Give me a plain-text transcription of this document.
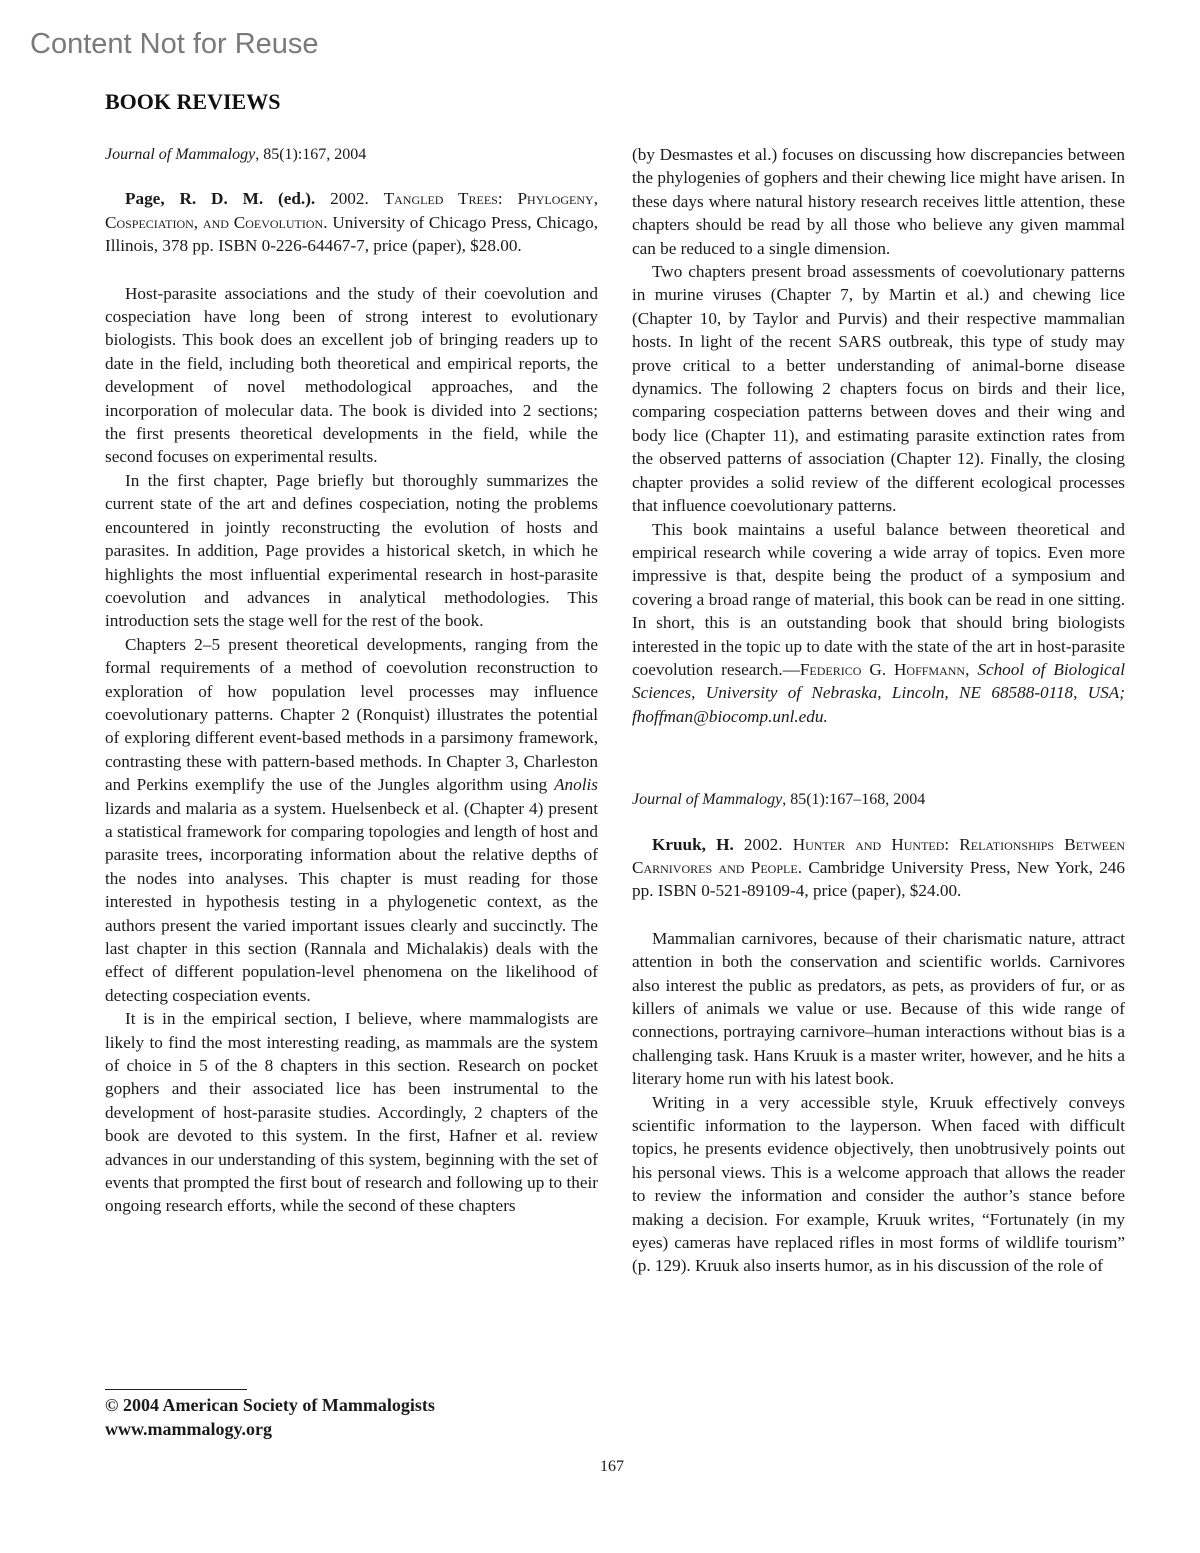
Content Not for Reuse
BOOK REVIEWS

Journal of Mammalogy, 85(1):167, 2004

Page, R. D. M. (ed.). 2002. Tangled Trees: Phylogeny, Cospeciation, and Coevolution. University of Chicago Press, Chicago, Illinois, 378 pp. ISBN 0-226-64467-7, price (paper), $28.00.

Host-parasite associations and the study of their coevolution and cospeciation have long been of strong interest to evolutionary biologists. This book does an excellent job of bringing readers up to date in the field, including both theoretical and empirical reports, the development of novel methodological approaches, and the incorporation of molecular data. The book is divided into 2 sections; the first presents theoretical developments in the field, while the second focuses on experimental results.

In the first chapter, Page briefly but thoroughly summarizes the current state of the art and defines cospeciation, noting the problems encountered in jointly reconstructing the evolution of hosts and parasites. In addition, Page provides a historical sketch, in which he highlights the most influential experimental research in host-parasite coevolution and advances in analytical methodologies. This introduction sets the stage well for the rest of the book.

Chapters 2–5 present theoretical developments, ranging from the formal requirements of a method of coevolution reconstruction to exploration of how population level processes may influence coevolutionary patterns. Chapter 2 (Ronquist) illustrates the potential of exploring different event-based methods in a parsimony framework, contrasting these with pattern-based methods. In Chapter 3, Charleston and Perkins exemplify the use of the Jungles algorithm using Anolis lizards and malaria as a system. Huelsenbeck et al. (Chapter 4) present a statistical framework for comparing topologies and length of host and parasite trees, incorporating information about the relative depths of the nodes into analyses. This chapter is must reading for those interested in hypothesis testing in a phylogenetic context, as the authors present the varied important issues clearly and succinctly. The last chapter in this section (Rannala and Michalakis) deals with the effect of different population-level phenomena on the likelihood of detecting cospeciation events.

It is in the empirical section, I believe, where mammalogists are likely to find the most interesting reading, as mammals are the system of choice in 5 of the 8 chapters in this section. Research on pocket gophers and their associated lice has been instrumental to the development of host-parasite studies. Accordingly, 2 chapters of the book are devoted to this system. In the first, Hafner et al. review advances in our understanding of this system, beginning with the set of events that prompted the first bout of research and following up to their ongoing research efforts, while the second of these chapters

(by Desmastes et al.) focuses on discussing how discrepancies between the phylogenies of gophers and their chewing lice might have arisen. In these days where natural history research receives little attention, these chapters should be read by all those who believe any given mammal can be reduced to a single dimension.

Two chapters present broad assessments of coevolutionary patterns in murine viruses (Chapter 7, by Martin et al.) and chewing lice (Chapter 10, by Taylor and Purvis) and their respective mammalian hosts. In light of the recent SARS outbreak, this type of study may prove critical to a better understanding of animal-borne disease dynamics. The following 2 chapters focus on birds and their lice, comparing cospeciation patterns between doves and their wing and body lice (Chapter 11), and estimating parasite extinction rates from the observed patterns of association (Chapter 12). Finally, the closing chapter provides a solid review of the different ecological processes that influence coevolutionary patterns.

This book maintains a useful balance between theoretical and empirical research while covering a wide array of topics. Even more impressive is that, despite being the product of a symposium and covering a broad range of material, this book can be read in one sitting. In short, this is an outstanding book that should bring biologists interested in the topic up to date with the state of the art in host-parasite coevolution research.—Federico G. Hoffmann, School of Biological Sciences, University of Nebraska, Lincoln, NE 68588-0118, USA; fhoffman@biocomp.unl.edu.

Journal of Mammalogy, 85(1):167–168, 2004

Kruuk, H. 2002. Hunter and Hunted: Relationships Between Carnivores and People. Cambridge University Press, New York, 246 pp. ISBN 0-521-89109-4, price (paper), $24.00.

Mammalian carnivores, because of their charismatic nature, attract attention in both the conservation and scientific worlds. Carnivores also interest the public as predators, as pets, as providers of fur, or as killers of animals we value or use. Because of this wide range of connections, portraying carnivore–human interactions without bias is a challenging task. Hans Kruuk is a master writer, however, and he hits a literary home run with his latest book.

Writing in a very accessible style, Kruuk effectively conveys scientific information to the layperson. When faced with difficult topics, he presents evidence objectively, then unobtrusively points out his personal views. This is a welcome approach that allows the reader to review the information and consider the author’s stance before making a decision. For example, Kruuk writes, “Fortunately (in my eyes) cameras have replaced rifles in most forms of wildlife tourism” (p. 129). Kruuk also inserts humor, as in his discussion of the role of

© 2004 American Society of Mammalogists
www.mammalogy.org
167
